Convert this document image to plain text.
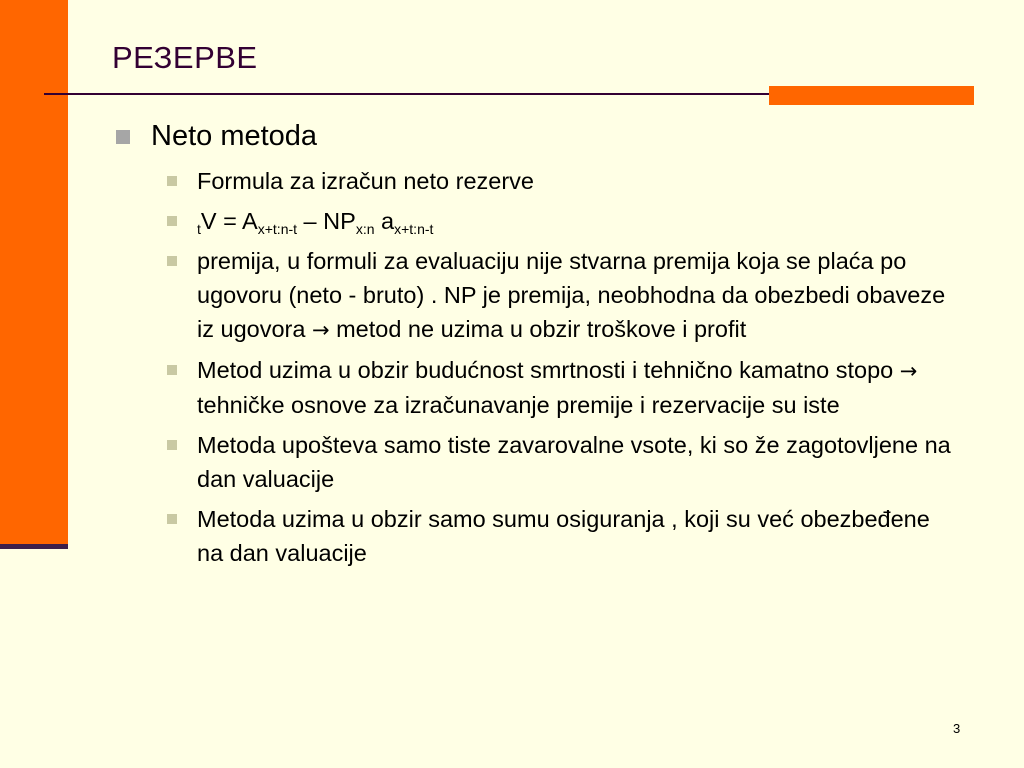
РЕЗЕРВЕ
Neto metoda
Formula za izračun neto rezerve
$_tV = A_{x+t:n-t} - NP_{x:n}$ $a_{x+t:n-t}$
premija, u formuli za evaluaciju nije stvarna premija koja se plaća po ugovoru (neto - bruto) . NP je premija, neobhodna da obezbedi obaveze iz ugovora → metod ne uzima u obzir troškove i profit
Metod uzima u obzir budućnost smrtnosti i tehnično kamatno stopo → tehničke osnove za izračunavanje premije i rezervacije su iste
Metoda upošteva samo tiste zavarovalne vsote, ki so že zagotovljene na dan valuacije
Metoda uzima u obzir samo sumu osiguranja , koji su već obezbeđene na dan valuacije
3
